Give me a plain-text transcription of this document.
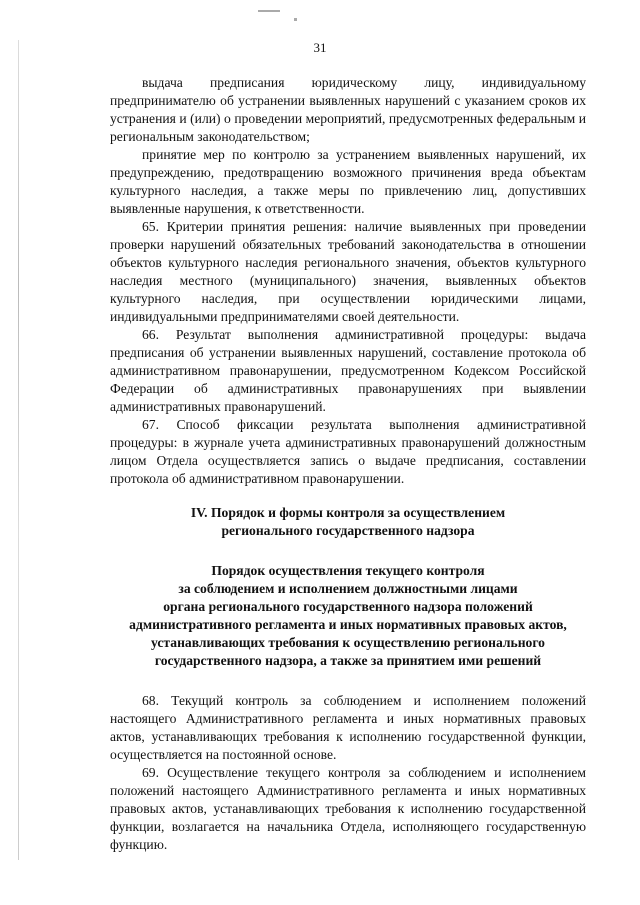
31

выдача предписания юридическому лицу, индивидуальному предпринимателю об устранении выявленных нарушений с указанием сроков их устранения и (или) о проведении мероприятий, предусмотренных федеральным и региональным законодательством;

принятие мер по контролю за устранением выявленных нарушений, их предупреждению, предотвращению возможного причинения вреда объектам культурного наследия, а также меры по привлечению лиц, допустивших выявленные нарушения, к ответственности.

65. Критерии принятия решения: наличие выявленных при проведении проверки нарушений обязательных требований законодательства в отношении объектов культурного наследия регионального значения, объектов культурного наследия местного (муниципального) значения, выявленных объектов культурного наследия, при осуществлении юридическими лицами, индивидуальными предпринимателями своей деятельности.

66. Результат выполнения административной процедуры: выдача предписания об устранении выявленных нарушений, составление протокола об административном правонарушении, предусмотренном Кодексом Российской Федерации об административных правонарушениях при выявлении административных правонарушений.

67. Способ фиксации результата выполнения административной процедуры: в журнале учета административных правонарушений должностным лицом Отдела осуществляется запись о выдаче предписания, составлении протокола об административном правонарушении.

IV. Порядок и формы контроля за осуществлением
регионального государственного надзора
Порядок осуществления текущего контроля
за соблюдением и исполнением должностными лицами
органа регионального государственного надзора положений
административного регламента и иных нормативных правовых актов,
устанавливающих требования к осуществлению регионального
государственного надзора, а также за принятием ими решений

68. Текущий контроль за соблюдением и исполнением положений настоящего Административного регламента и иных нормативных правовых актов, устанавливающих требования к исполнению государственной функции, осуществляется на постоянной основе.

69. Осуществление текущего контроля за соблюдением и исполнением положений настоящего Административного регламента и иных нормативных правовых актов, устанавливающих требования к исполнению государственной функции, возлагается на начальника Отдела, исполняющего государственную функцию.
